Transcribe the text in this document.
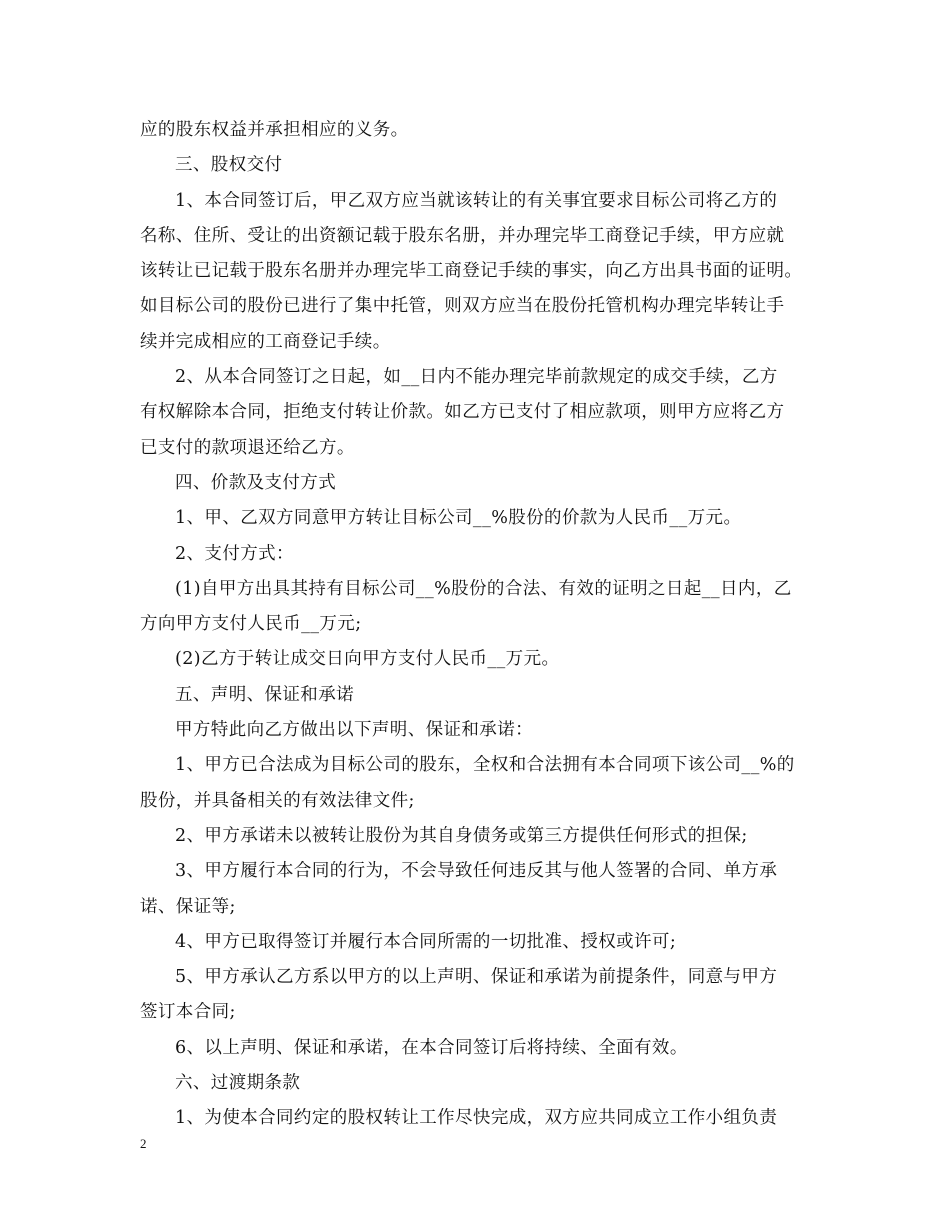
应的股东权益并承担相应的义务。
三、股权交付
1、本合同签订后，甲乙双方应当就该转让的有关事宜要求目标公司将乙方的
名称、住所、受让的出资额记载于股东名册，并办理完毕工商登记手续，甲方应就
该转让已记载于股东名册并办理完毕工商登记手续的事实，向乙方出具书面的证明。
如目标公司的股份已进行了集中托管，则双方应当在股份托管机构办理完毕转让手
续并完成相应的工商登记手续。
2、从本合同签订之日起，如__日内不能办理完毕前款规定的成交手续，乙方
有权解除本合同，拒绝支付转让价款。如乙方已支付了相应款项，则甲方应将乙方
已支付的款项退还给乙方。
四、价款及支付方式
1、甲、乙双方同意甲方转让目标公司__%股份的价款为人民币__万元。
2、支付方式：
(1)自甲方出具其持有目标公司__%股份的合法、有效的证明之日起__日内，乙
方向甲方支付人民币__万元;
(2)乙方于转让成交日向甲方支付人民币__万元。
五、声明、保证和承诺
甲方特此向乙方做出以下声明、保证和承诺：
1、甲方已合法成为目标公司的股东，全权和合法拥有本合同项下该公司__%的
股份，并具备相关的有效法律文件;
2、甲方承诺未以被转让股份为其自身债务或第三方提供任何形式的担保;
3、甲方履行本合同的行为，不会导致任何违反其与他人签署的合同、单方承
诺、保证等;
4、甲方已取得签订并履行本合同所需的一切批准、授权或许可;
5、甲方承认乙方系以甲方的以上声明、保证和承诺为前提条件，同意与甲方
签订本合同;
6、以上声明、保证和承诺，在本合同签订后将持续、全面有效。
六、过渡期条款
1、为使本合同约定的股权转让工作尽快完成，双方应共同成立工作小组负责
2
